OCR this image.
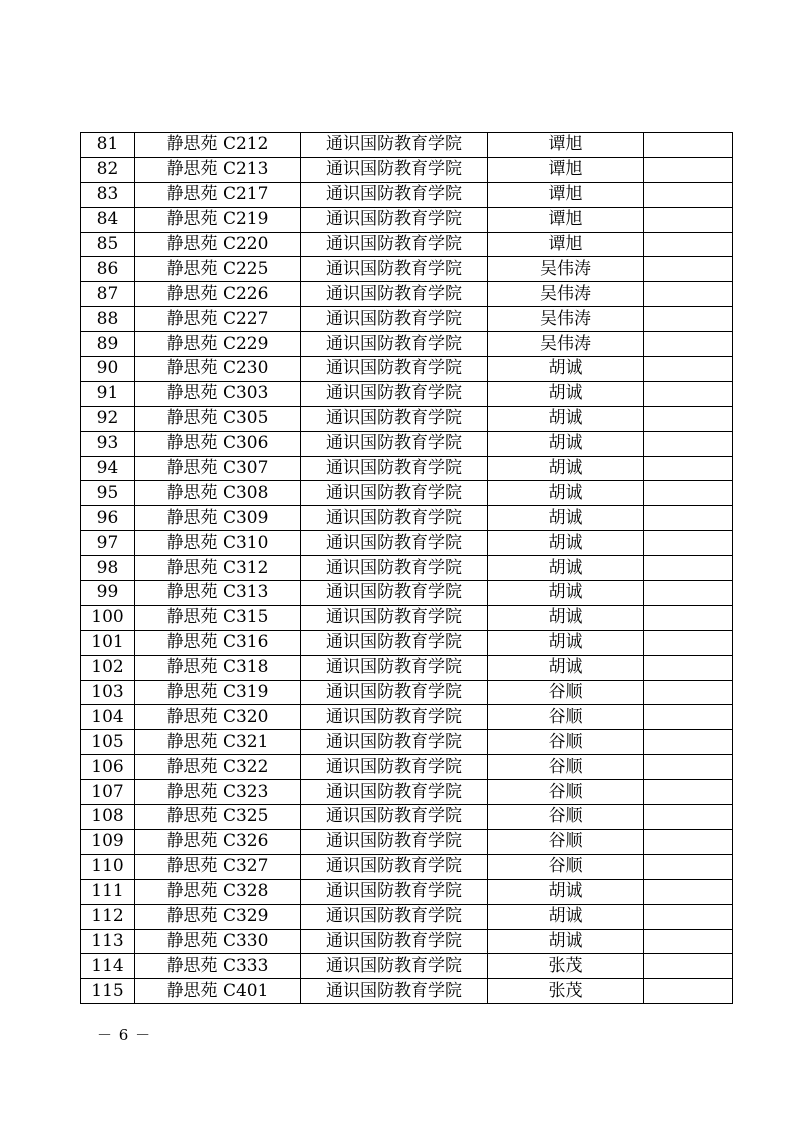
81	静思苑 C212	通识国防教育学院	谭旭	
82	静思苑 C213	通识国防教育学院	谭旭	
83	静思苑 C217	通识国防教育学院	谭旭	
84	静思苑 C219	通识国防教育学院	谭旭	
85	静思苑 C220	通识国防教育学院	谭旭	
86	静思苑 C225	通识国防教育学院	吴伟涛	
87	静思苑 C226	通识国防教育学院	吴伟涛	
88	静思苑 C227	通识国防教育学院	吴伟涛	
89	静思苑 C229	通识国防教育学院	吴伟涛	
90	静思苑 C230	通识国防教育学院	胡诚	
91	静思苑 C303	通识国防教育学院	胡诚	
92	静思苑 C305	通识国防教育学院	胡诚	
93	静思苑 C306	通识国防教育学院	胡诚	
94	静思苑 C307	通识国防教育学院	胡诚	
95	静思苑 C308	通识国防教育学院	胡诚	
96	静思苑 C309	通识国防教育学院	胡诚	
97	静思苑 C310	通识国防教育学院	胡诚	
98	静思苑 C312	通识国防教育学院	胡诚	
99	静思苑 C313	通识国防教育学院	胡诚	
100	静思苑 C315	通识国防教育学院	胡诚	
101	静思苑 C316	通识国防教育学院	胡诚	
102	静思苑 C318	通识国防教育学院	胡诚	
103	静思苑 C319	通识国防教育学院	谷顺	
104	静思苑 C320	通识国防教育学院	谷顺	
105	静思苑 C321	通识国防教育学院	谷顺	
106	静思苑 C322	通识国防教育学院	谷顺	
107	静思苑 C323	通识国防教育学院	谷顺	
108	静思苑 C325	通识国防教育学院	谷顺	
109	静思苑 C326	通识国防教育学院	谷顺	
110	静思苑 C327	通识国防教育学院	谷顺	
111	静思苑 C328	通识国防教育学院	胡诚	
112	静思苑 C329	通识国防教育学院	胡诚	
113	静思苑 C330	通识国防教育学院	胡诚	
114	静思苑 C333	通识国防教育学院	张茂	
115	静思苑 C401	通识国防教育学院	张茂	
－ 6 －
